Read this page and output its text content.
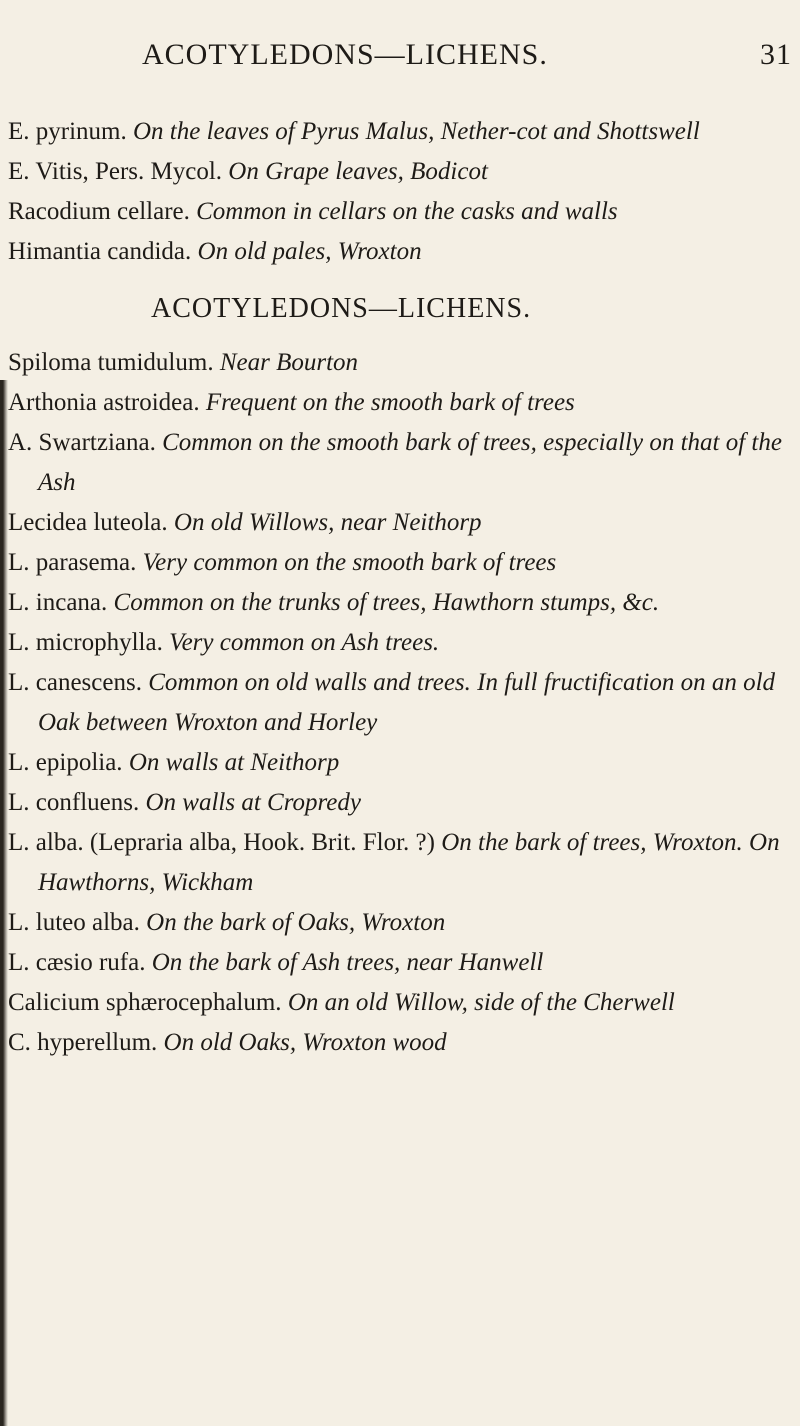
ACOTYLEDONS—LICHENS.	31
E. pyrinum. On the leaves of Pyrus Malus, Nether-cot and Shottswell
E. Vitis, Pers. Mycol. On Grape leaves, Bodicot
Racodium cellare. Common in cellars on the casks and walls
Himantia candida. On old pales, Wroxton
ACOTYLEDONS—LICHENS.
Spiloma tumidulum. Near Bourton
Arthonia astroidea. Frequent on the smooth bark of trees
A. Swartziana. Common on the smooth bark of trees, especially on that of the Ash
Lecidea luteola. On old Willows, near Neithorp
L. parasema. Very common on the smooth bark of trees
L. incana. Common on the trunks of trees, Hawthorn stumps, &c.
L. microphylla. Very common on Ash trees.
L. canescens. Common on old walls and trees. In full fructification on an old Oak between Wroxton and Horley
L. epipolia. On walls at Neithorp
L. confluens. On walls at Cropredy
L. alba. (Lepraria alba, Hook. Brit. Flor. ?) On the bark of trees, Wroxton. On Hawthorns, Wickham
L. luteo alba. On the bark of Oaks, Wroxton
L. cæsio rufa. On the bark of Ash trees, near Hanwell
Calicium sphærocephalum. On an old Willow, side of the Cherwell
C. hyperellum. On old Oaks, Wroxton wood
